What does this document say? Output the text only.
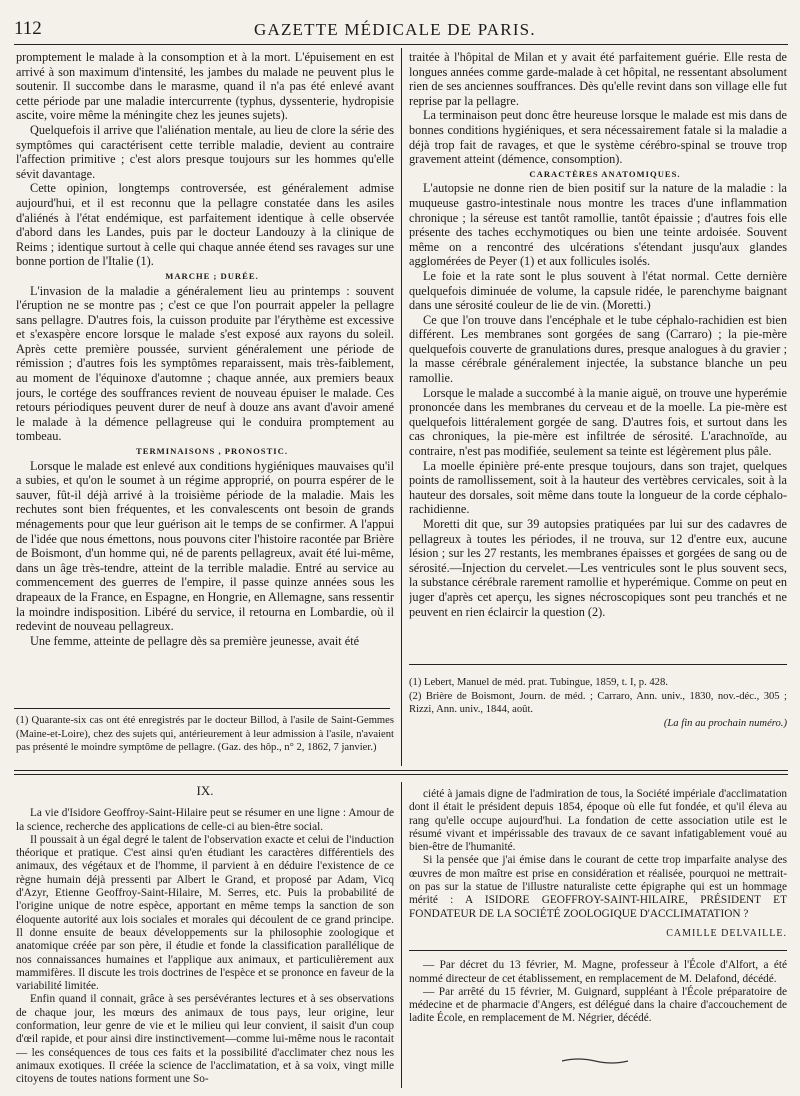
112	GAZETTE MÉDICALE DE PARIS.

promptement le malade à la consomption et à la mort. L'épuisement en est arrivé à son maximum d'intensité, les jambes du malade ne peuvent plus le soutenir. Il succombe dans le marasme, quand il n'a pas été enlevé avant cette période par une maladie intercurrente (typhus, dyssenterie, hydropisie ascite, voire même la méningite chez les jeunes sujets).

Quelquefois il arrive que l'aliénation mentale, au lieu de clore la série des symptômes qui caractérisent cette terrible maladie, devient au contraire l'affection primitive ; c'est alors presque toujours sur les hommes qu'elle sévit davantage.

Cette opinion, longtemps controversée, est généralement admise aujourd'hui, et il est reconnu que la pellagre constatée dans les asiles d'aliénés à l'état endémique, est parfaitement identique à celle observée d'abord dans les Landes, puis par le docteur Landouzy à la clinique de Reims ; identique surtout à celle qui chaque année étend ses ravages sur une bonne portion de l'Italie (1).

MARCHE ; DURÉE.

L'invasion de la maladie a généralement lieu au printemps : souvent l'éruption ne se montre pas ; c'est ce que l'on pourrait appeler la pellagre sans pellagre. D'autres fois, la cuisson produite par l'érythème est excessive et s'exaspère encore lorsque le malade s'est exposé aux rayons du soleil. Après cette première poussée, survient généralement une période de rémission ; d'autres fois les symptômes reparaissent, mais très-faiblement, au moment de l'équinoxe d'automne ; chaque année, aux premiers beaux jours, le cortége des souffrances revient de nouveau épuiser le malade. Ces retours périodiques peuvent durer de neuf à douze ans avant d'avoir amené le malade à la démence pellagreuse qui le conduira promptement au tombeau.

TERMINAISONS , PRONOSTIC.

Lorsque le malade est enlevé aux conditions hygiéniques mauvaises qu'il a subies, et qu'on le soumet à un régime approprié, on pourra espérer de le sauver, fût-il déjà arrivé à la troisième période de la maladie. Mais les rechutes sont bien fréquentes, et les convalescents ont besoin de grands ménagements pour que leur guérison ait le temps de se confirmer. A l'appui de l'idée que nous émettons, nous pouvons citer l'histoire racontée par Brière de Boismont, d'un homme qui, né de parents pellagreux, avait été lui-même, dans un âge très-tendre, atteint de la terrible maladie. Entré au service au commencement des guerres de l'empire, il passe quinze années sous les drapeaux de la France, en Espagne, en Hongrie, en Allemagne, sans ressentir la moindre indisposition. Libéré du service, il retourna en Lombardie, où il redevint de nouveau pellagreux.

Une femme, atteinte de pellagre dès sa première jeunesse, avait été

(1) Quarante-six cas ont été enregistrés par le docteur Billod, à l'asile de Saint-Gemmes (Maine-et-Loire), chez des sujets qui, antérieurement à leur admission à l'asile, n'avaient pas présenté le moindre symptôme de pellagre. (Gaz. des hôp., n° 2, 1862, 7 janvier.)

traitée à l'hôpital de Milan et y avait été parfaitement guérie. Elle resta de longues années comme garde-malade à cet hôpital, ne ressentant absolument rien de ses anciennes souffrances. Dès qu'elle revint dans son village elle fut reprise par la pellagre.

La terminaison peut donc être heureuse lorsque le malade est mis dans de bonnes conditions hygiéniques, et sera nécessairement fatale si la maladie a déjà trop fait de ravages, et que le système cérébro-spinal se trouve trop gravement atteint (démence, consomption).

CARACTÈRES ANATOMIQUES.

L'autopsie ne donne rien de bien positif sur la nature de la maladie : la muqueuse gastro-intestinale nous montre les traces d'une inflammation chronique ; la séreuse est tantôt ramollie, tantôt épaissie ; d'autres fois elle présente des taches ecchymotiques ou bien une teinte ardoisée. Souvent même on a rencontré des ulcérations s'étendant jusqu'aux glandes agglomérées de Peyer (1) et aux follicules isolés.

Le foie et la rate sont le plus souvent à l'état normal. Cette dernière quelquefois diminuée de volume, la capsule ridée, le parenchyme baignant dans une sérosité couleur de lie de vin. (Moretti.)

Ce que l'on trouve dans l'encéphale et le tube céphalo-rachidien est bien différent. Les membranes sont gorgées de sang (Carraro) ; la pie-mère quelquefois couverte de granulations dures, presque analogues à du gravier ; la masse cérébrale généralement injectée, la substance blanche un peu ramollie.

Lorsque le malade a succombé à la manie aiguë, on trouve une hyperémie prononcée dans les membranes du cerveau et de la moelle. La pie-mère est quelquefois littéralement gorgée de sang. D'autres fois, et surtout dans les cas chroniques, la pie-mère est infiltrée de sérosité. L'arachnoïde, au contraire, n'est pas modifiée, seulement sa teinte est légèrement plus pâle.

La moelle épinière pré-ente presque toujours, dans son trajet, quelques points de ramollissement, soit à la hauteur des vertèbres cervicales, soit à la hauteur des dorsales, soit même dans toute la longueur de la corde céphalo-rachidienne.

Moretti dit que, sur 39 autopsies pratiquées par lui sur des cadavres de pellagreux à toutes les périodes, il ne trouva, sur 12 d'entre eux, aucune lésion ; sur les 27 restants, les membranes épaisses et gorgées de sang ou de sérosité.—Injection du cervelet.—Les ventricules sont le plus souvent secs, la substance cérébrale rarement ramollie et hyperémique. Comme on peut en juger d'après cet aperçu, les signes nécroscopiques sont peu tranchés et ne peuvent en rien éclaircir la question (2).

(1) Lebert, Manuel de méd. prat. Tubingue, 1859, t. I, p. 428.

(2) Brière de Boismont, Journ. de méd. ; Carraro, Ann. univ., 1830, nov.-déc., 305 ; Rizzi, Ann. univ., 1844, août.

(La fin au prochain numéro.)

IX.

La vie d'Isidore Geoffroy-Saint-Hilaire peut se résumer en une ligne : Amour de la science, recherche des applications de celle-ci au bien-être social.

Il poussait à un égal degré le talent de l'observation exacte et celui de l'induction théorique et pratique. C'est ainsi qu'en étudiant les caractères différentiels des animaux, des végétaux et de l'homme, il parvient à en déduire l'existence de ce règne humain déjà pressenti par Albert le Grand, et proposé par Adam, Vicq d'Azyr, Etienne Geoffroy-Saint-Hilaire, M. Serres, etc. Puis la probabilité de l'origine unique de notre espèce, apportant en même temps la sanction de son éloquente autorité aux lois sociales et morales qui découlent de ce grand principe. Il donne ensuite de beaux développements sur la philosophie zoologique et anatomique créée par son père, il étudie et fonde la classification parallélique de nos connaissances humaines et l'applique aux animaux, et particulièrement aux mammifères. Il discute les trois doctrines de l'espèce et se prononce en faveur de la variabilité limitée.

Enfin quand il connait, grâce à ses persévérantes lectures et à ses observations de chaque jour, les mœurs des animaux de tous pays, leur origine, leur conformation, leur genre de vie et le milieu qui leur convient, il saisit d'un coup d'œil rapide, et pour ainsi dire instinctivement—comme lui-même nous le racontait — les conséquences de tous ces faits et la possibilité d'acclimater chez nous les animaux exotiques. Il créée la science de l'acclimatation, et à sa voix, vingt mille citoyens de toutes nations forment une So-

ciété à jamais digne de l'admiration de tous, la Société impériale d'acclimatation dont il était le président depuis 1854, époque où elle fut fondée, et qu'il éleva au rang qu'elle occupe aujourd'hui. La fondation de cette association utile est le résumé vivant et impérissable des travaux de ce savant infatigablement voué au bien-être de l'humanité.

Si la pensée que j'ai émise dans le courant de cette trop imparfaite analyse des œuvres de mon maître est prise en considération et réalisée, pourquoi ne mettrait-on pas sur la statue de l'illustre naturaliste cette épigraphe qui est un hommage mérité : A ISIDORE GEOFFROY-SAINT-HILAIRE, PRÉSIDENT ET FONDATEUR DE LA SOCIÉTÉ ZOOLOGIQUE D'ACCLIMATATION ?

CAMILLE DELVAILLE.

— Par décret du 13 février, M. Magne, professeur à l'École d'Alfort, a été nommé directeur de cet établissement, en remplacement de M. Delafond, décédé.

— Par arrêté du 15 février, M. Guignard, suppléant à l'École préparatoire de médecine et de pharmacie d'Angers, est délégué dans la chaire d'accouchement de ladite École, en remplacement de M. Négrier, décédé.
